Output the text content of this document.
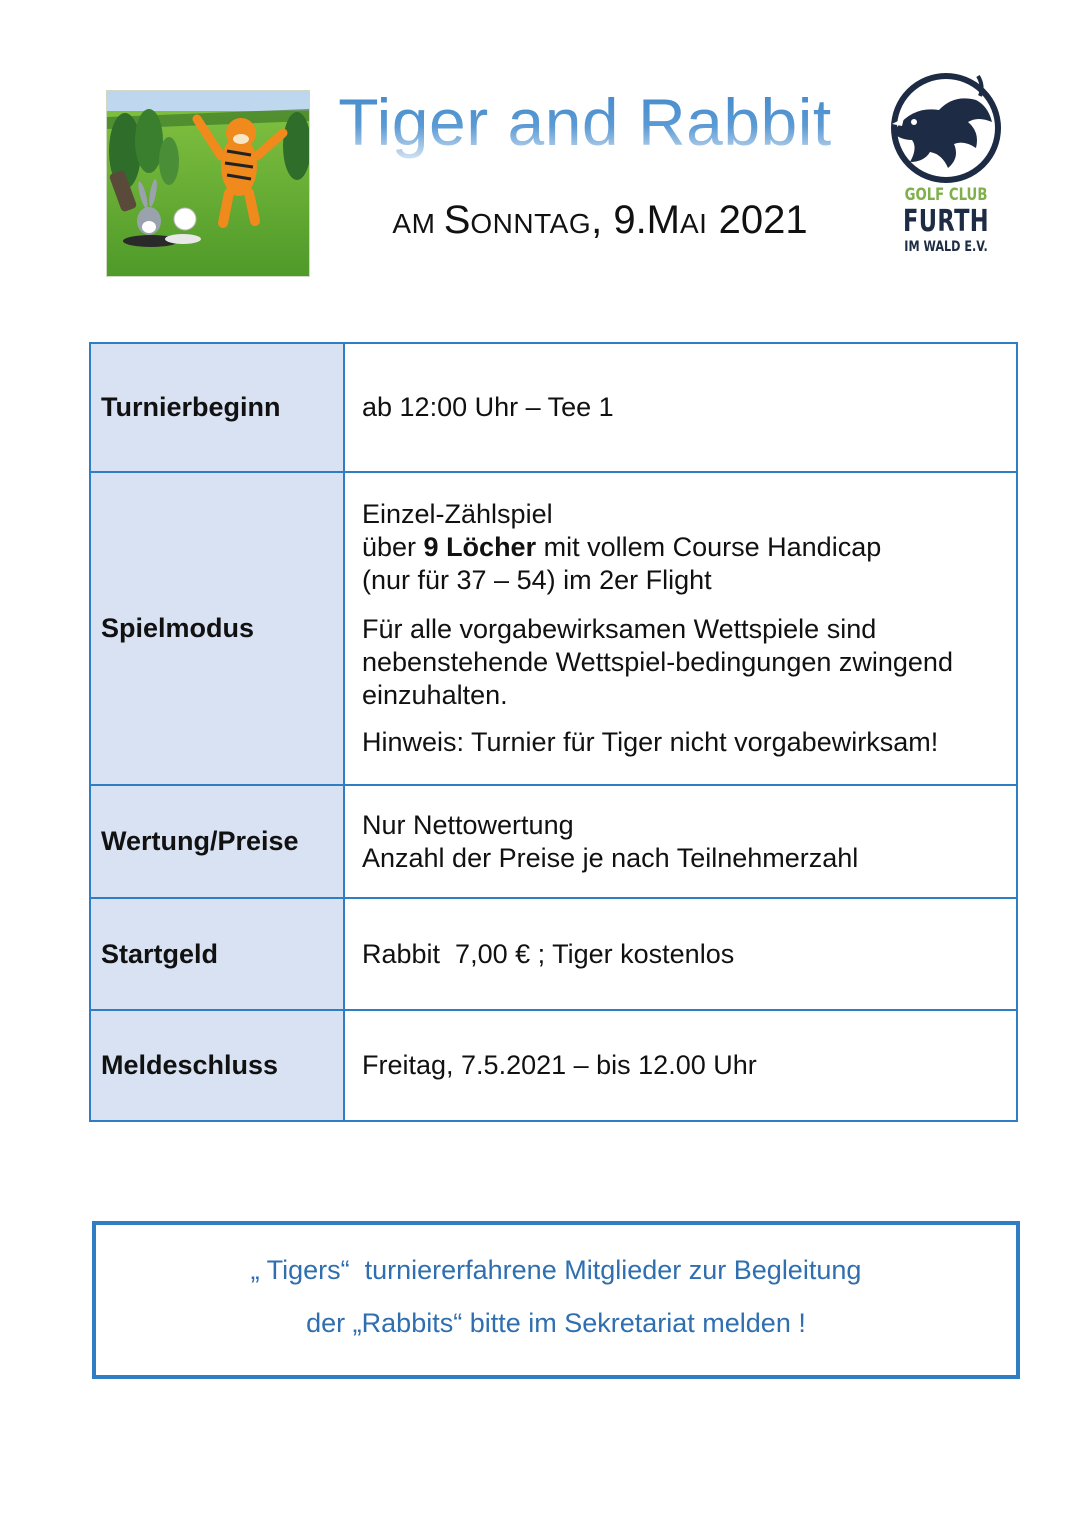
Tiger and Rabbit
AM SONNTAG, 9.MAI 2021
GOLF CLUB
FURTH
IM WALD E.V.
Turnierbeginn	ab 12:00 Uhr – Tee 1
Spielmodus	Einzel-Zählspiel

über 9 Löcher mit vollem Course Handicap

(nur für 37 – 54) im 2er Flight

Für alle vorgabewirksamen Wettspiele sind nebenstehende Wettspiel-bedingungen zwingend einzuhalten.

Hinweis: Turnier für Tiger nicht vorgabewirksam!

Wertung/Preise	Nur Nettowertung

Anzahl der Preise je nach Teilnehmerzahl

Startgeld	Rabbit  7,00 € ; Tiger kostenlos
Meldeschluss	Freitag, 7.5.2021 – bis 12.00 Uhr

„ Tigers“  turniererfahrene Mitglieder zur Begleitung

der „Rabbits“ bitte im Sekretariat melden !
